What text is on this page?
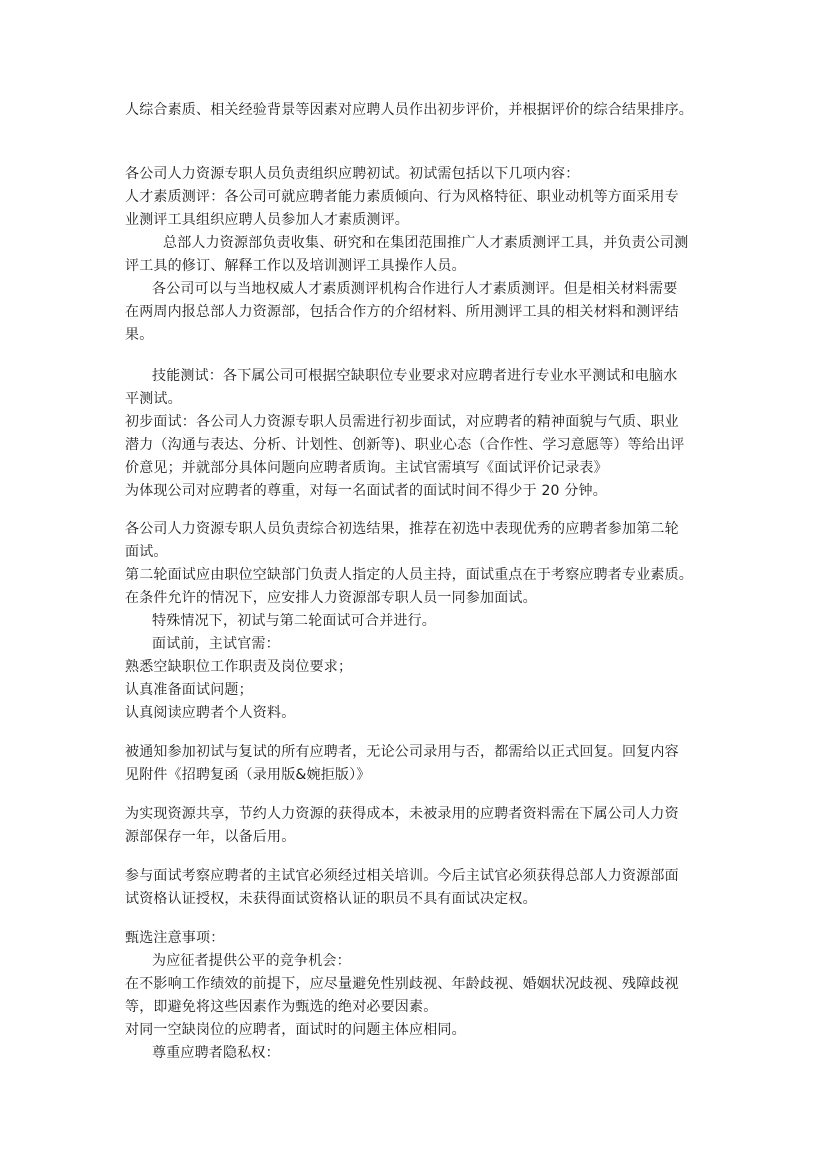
人综合素质、相关经验背景等因素对应聘人员作出初步评价，并根据评价的综合结果排序。
各公司人力资源专职人员负责组织应聘初试。初试需包括以下几项内容：
人才素质测评：各公司可就应聘者能力素质倾向、行为风格特征、职业动机等方面采用专
业测评工具组织应聘人员参加人才素质测评。
总部人力资源部负责收集、研究和在集团范围推广人才素质测评工具，并负责公司测
评工具的修订、解释工作以及培训测评工具操作人员。
各公司可以与当地权威人才素质测评机构合作进行人才素质测评。但是相关材料需要
在两周内报总部人力资源部，包括合作方的介绍材料、所用测评工具的相关材料和测评结
果。
技能测试：各下属公司可根据空缺职位专业要求对应聘者进行专业水平测试和电脑水
平测试。
初步面试：各公司人力资源专职人员需进行初步面试，对应聘者的精神面貌与气质、职业
潜力（沟通与表达、分析、计划性、创新等)、职业心态（合作性、学习意愿等）等给出评
价意见；并就部分具体问题向应聘者质询。主试官需填写《面试评价记录表》
为体现公司对应聘者的尊重，对每一名面试者的面试时间不得少于 20 分钟。
各公司人力资源专职人员负责综合初选结果，推荐在初选中表现优秀的应聘者参加第二轮
面试。
第二轮面试应由职位空缺部门负责人指定的人员主持，面试重点在于考察应聘者专业素质。
在条件允许的情况下，应安排人力资源部专职人员一同参加面试。
特殊情况下，初试与第二轮面试可合并进行。
面试前，主试官需：
熟悉空缺职位工作职责及岗位要求；
认真准备面试问题；
认真阅读应聘者个人资料。
被通知参加初试与复试的所有应聘者，无论公司录用与否，都需给以正式回复。回复内容
见附件《招聘复函（录用版&婉拒版）》
为实现资源共享，节约人力资源的获得成本，未被录用的应聘者资料需在下属公司人力资
源部保存一年，以备后用。
参与面试考察应聘者的主试官必须经过相关培训。今后主试官必须获得总部人力资源部面
试资格认证授权，未获得面试资格认证的职员不具有面试决定权。
甄选注意事项：
为应征者提供公平的竞争机会：
在不影响工作绩效的前提下，应尽量避免性别歧视、年龄歧视、婚姻状况歧视、残障歧视
等，即避免将这些因素作为甄选的绝对必要因素。
对同一空缺岗位的应聘者，面试时的问题主体应相同。
尊重应聘者隐私权：
